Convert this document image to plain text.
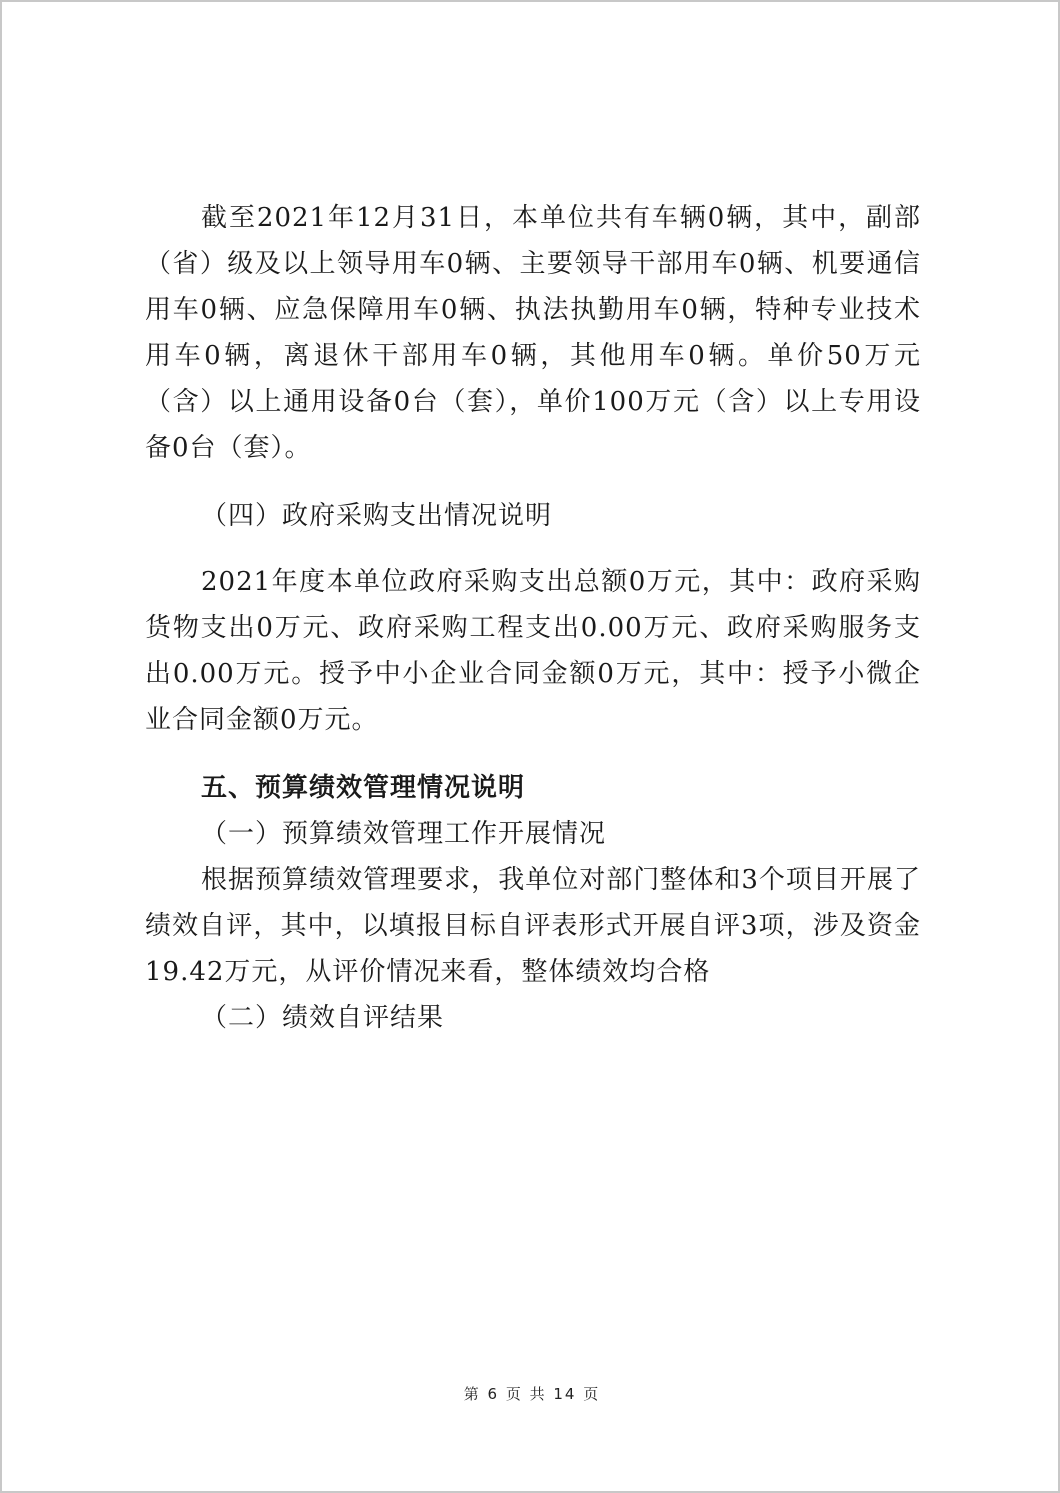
截至2021年12月31日，本单位共有车辆0辆，其中，副部（省）级及以上领导用车0辆、主要领导干部用车0辆、机要通信用车0辆、应急保障用车0辆、执法执勤用车0辆，特种专业技术用车0辆，离退休干部用车0辆，其他用车0辆。单价50万元（含）以上通用设备0台（套），单价100万元（含）以上专用设备0台（套）。

（四）政府采购支出情况说明

2021年度本单位政府采购支出总额0万元，其中：政府采购货物支出0万元、政府采购工程支出0.00万元、政府采购服务支出0.00万元。授予中小企业合同金额0万元，其中：授予小微企业合同金额0万元。

五、预算绩效管理情况说明

（一）预算绩效管理工作开展情况

根据预算绩效管理要求，我单位对部门整体和3个项目开展了绩效自评，其中，以填报目标自评表形式开展自评3项，涉及资金19.42万元，从评价情况来看，整体绩效均合格

（二）绩效自评结果

第 6 页 共 14 页
